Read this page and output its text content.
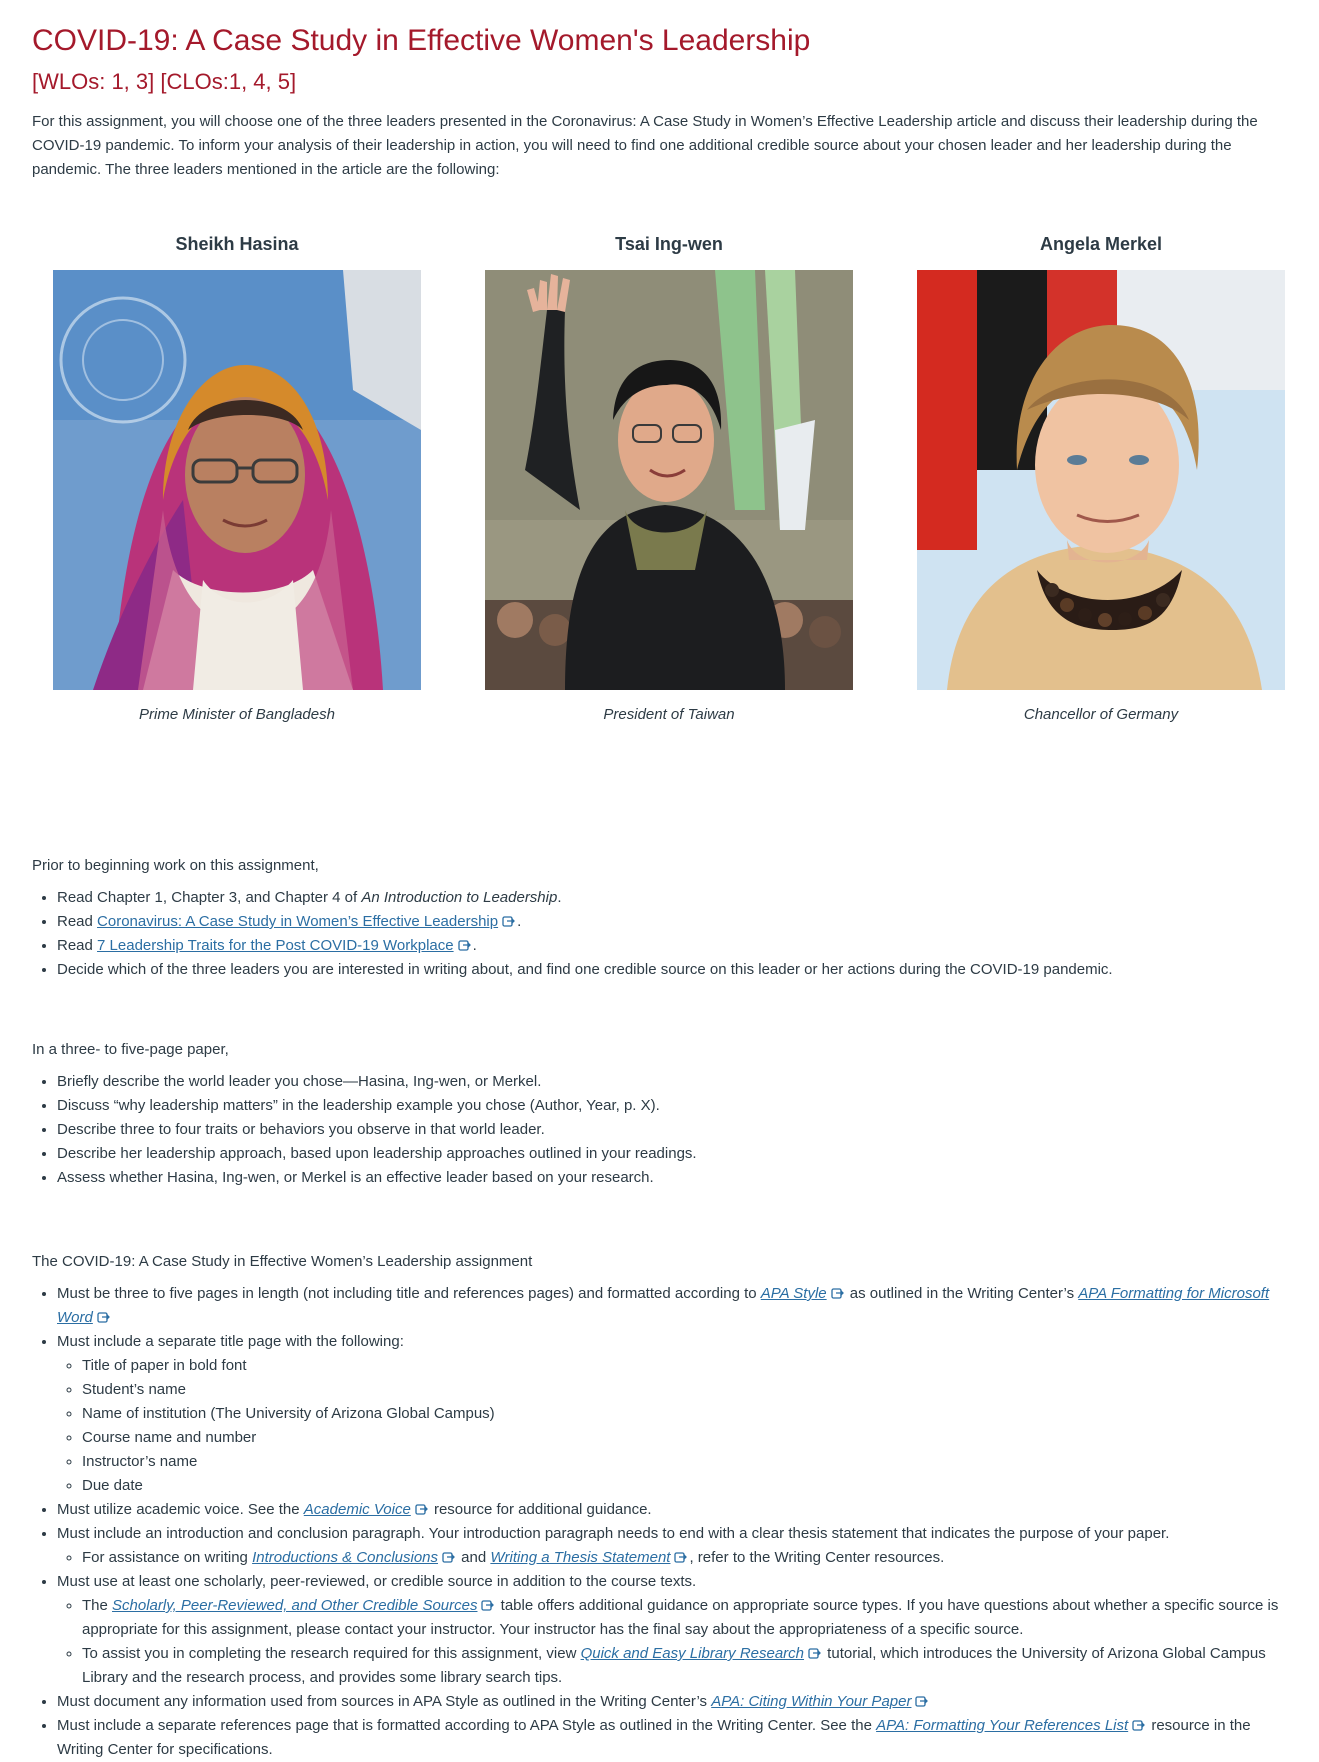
COVID-19: A Case Study in Effective Women's Leadership
[WLOs: 1, 3] [CLOs:1, 4, 5]

For this assignment, you will choose one of the three leaders presented in the Coronavirus: A Case Study in Women’s Effective Leadership article and discuss their leadership during the COVID-19 pandemic. To inform your analysis of their leadership in action, you will need to find one additional credible source about your chosen leader and her leadership during the pandemic. The three leaders mentioned in the article are the following:

Sheikh Hasina
Prime Minister of Bangladesh
Tsai Ing-wen
President of Taiwan
Angela Merkel
Chancellor of Germany

Prior to beginning work on this assignment,

• Read Chapter 1, Chapter 3, and Chapter 4 of An Introduction to Leadership.
• Read Coronavirus: A Case Study in Women’s Effective Leadership .
• Read 7 Leadership Traits for the Post COVID-19 Workplace .
• Decide which of the three leaders you are interested in writing about, and find one credible source on this leader or her actions during the COVID-19 pandemic.

In a three- to five-page paper,

• Briefly describe the world leader you chose—Hasina, Ing-wen, or Merkel.
• Discuss “why leadership matters” in the leadership example you chose (Author, Year, p. X).
• Describe three to four traits or behaviors you observe in that world leader.
• Describe her leadership approach, based upon leadership approaches outlined in your readings.
• Assess whether Hasina, Ing-wen, or Merkel is an effective leader based on your research.

The COVID-19: A Case Study in Effective Women’s Leadership assignment

• Must be three to five pages in length (not including title and references pages) and formatted according to APA Style as outlined in the Writing Center’s APA Formatting for Microsoft Word
• Must include a separate title page with the following:
◦ Title of paper in bold font
◦ Student’s name
◦ Name of institution (The University of Arizona Global Campus)
◦ Course name and number
◦ Instructor’s name
◦ Due date
• Must utilize academic voice. See the Academic Voice resource for additional guidance.
• Must include an introduction and conclusion paragraph. Your introduction paragraph needs to end with a clear thesis statement that indicates the purpose of your paper.
◦ For assistance on writing Introductions & Conclusions and Writing a Thesis Statement , refer to the Writing Center resources.
• Must use at least one scholarly, peer-reviewed, or credible source in addition to the course texts.
◦ The Scholarly, Peer-Reviewed, and Other Credible Sources table offers additional guidance on appropriate source types. If you have questions about whether a specific source is appropriate for this assignment, please contact your instructor. Your instructor has the final say about the appropriateness of a specific source.
◦ To assist you in completing the research required for this assignment, view Quick and Easy Library Research tutorial, which introduces the University of Arizona Global Campus Library and the research process, and provides some library search tips.
• Must document any information used from sources in APA Style as outlined in the Writing Center’s APA: Citing Within Your Paper
• Must include a separate references page that is formatted according to APA Style as outlined in the Writing Center. See the APA: Formatting Your References List resource in the Writing Center for specifications.
